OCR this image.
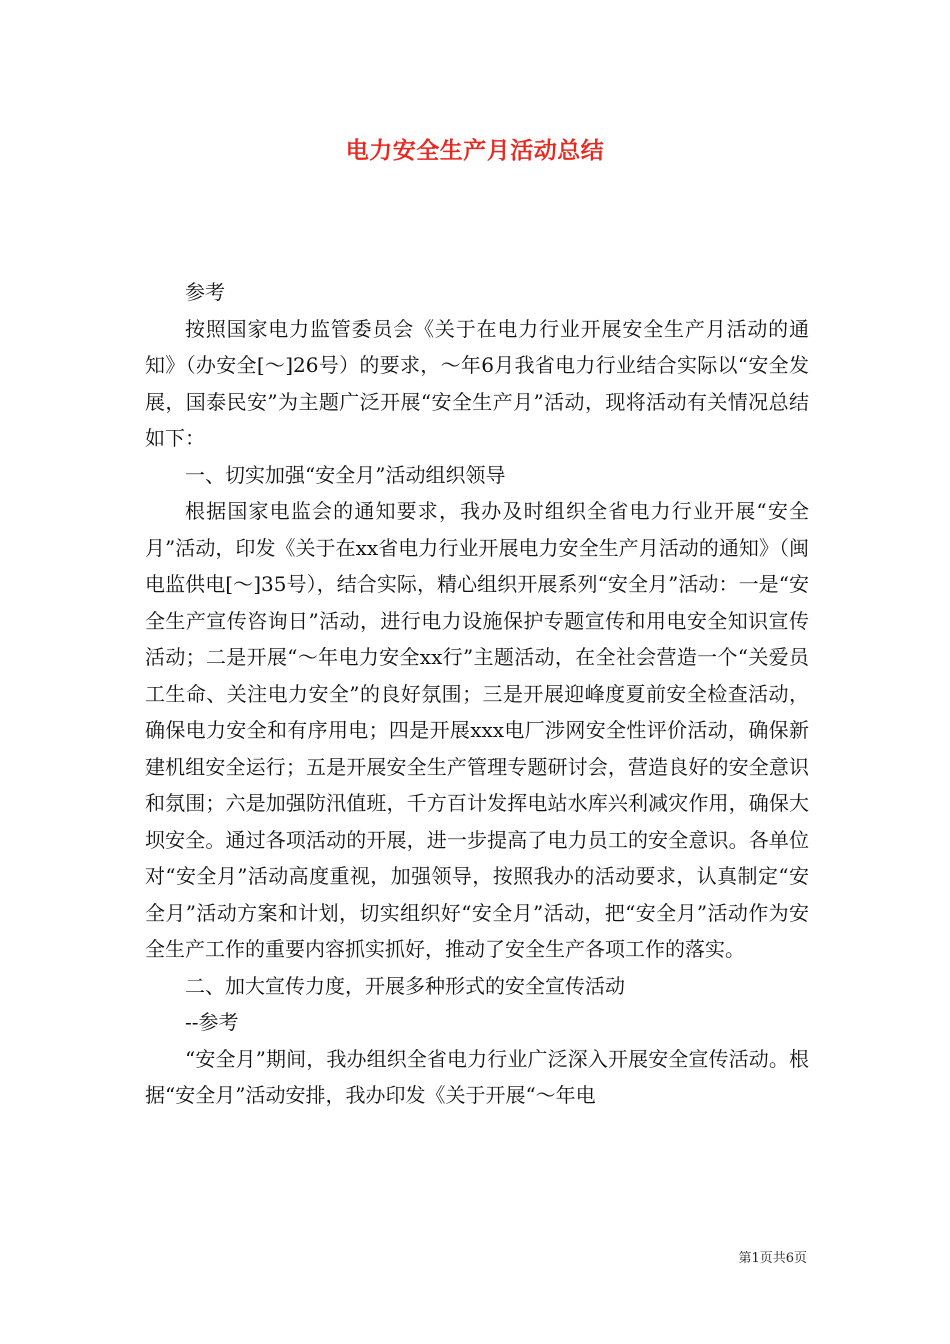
电力安全生产月活动总结

参考

按照国家电力监管委员会《关于在电力行业开展安全生产月活动的通知》（办安全[～]26号）的要求，～年6月我省电力行业结合实际以“安全发展，国泰民安”为主题广泛开展“安全生产月”活动，现将活动有关情况总结如下：

一、切实加强“安全月”活动组织领导

根据国家电监会的通知要求，我办及时组织全省电力行业开展“安全月”活动，印发《关于在xx省电力行业开展电力安全生产月活动的通知》（闽电监供电[～]35号），结合实际，精心组织开展系列“安全月”活动：一是“安全生产宣传咨询日”活动，进行电力设施保护专题宣传和用电安全知识宣传活动；二是开展“～年电力安全xx行”主题活动，在全社会营造一个“关爱员工生命、关注电力安全”的良好氛围；三是开展迎峰度夏前安全检查活动，确保电力安全和有序用电；四是开展xxx电厂涉网安全性评价活动，确保新建机组安全运行；五是开展安全生产管理专题研讨会，营造良好的安全意识和氛围；六是加强防汛值班，千方百计发挥电站水库兴利减灾作用，确保大坝安全。通过各项活动的开展，进一步提高了电力员工的安全意识。各单位对“安全月”活动高度重视，加强领导，按照我办的活动要求，认真制定“安全月”活动方案和计划，切实组织好“安全月”活动，把“安全月”活动作为安全生产工作的重要内容抓实抓好，推动了安全生产各项工作的落实。

二、加大宣传力度，开展多种形式的安全宣传活动

--参考

“安全月”期间，我办组织全省电力行业广泛深入开展安全宣传活动。根据“安全月”活动安排，我办印发《关于开展“～年电

第1页共6页
